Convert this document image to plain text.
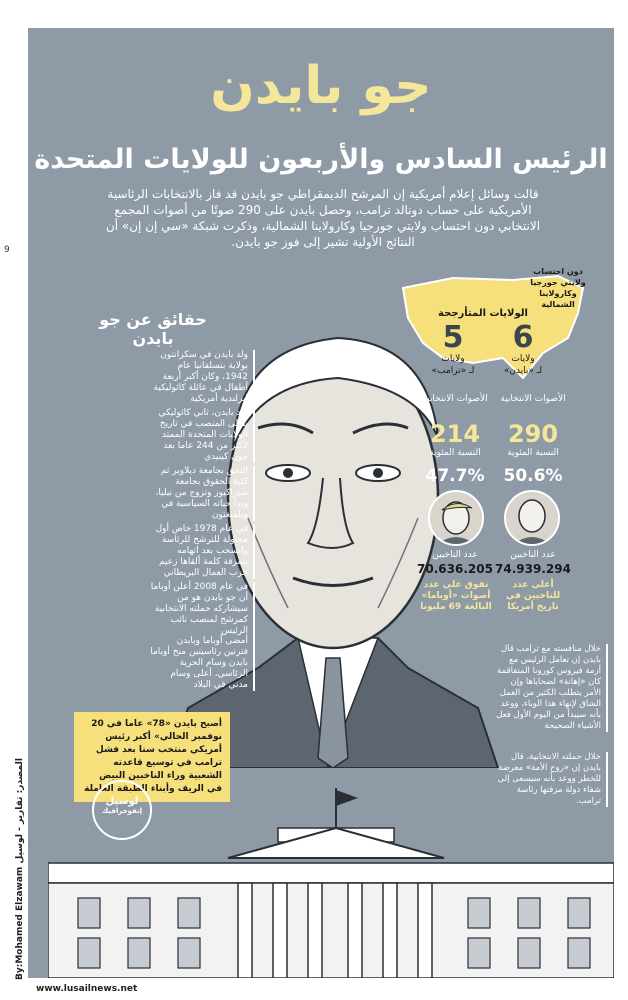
جو بايدن
الرئيس السادس والأربعون للولايات المتحدة
قالت وسائل إعلام أمريكية إن المرشح الديمقراطي جو بايدن قد فاز بالانتخابات الرئاسية الأمريكية على حساب دونالد ترامب، وحصل بايدن على 290 صوتًا من أصوات المجمع الانتخابي دون احتساب ولايتي جورجيا وكارولاينا الشمالية، وذكرت شبكة «سي إن إن» أن النتائج الأولية تشير إلى فوز جو بايدن.
حقائق عن جو بايدن
ولد بايدن في سكرانتون بولاية بنسلفانيا عام 1942، وكان أكبر أربعة أطفال في عائلة كاثوليكية إيرلندية أمريكية
بعد بايدن، ثاني كاثوليكي يتولى المنصب في تاريخ الولايات المتحدة الممتد لأكثر من 244 عاما بعد جون كينيدي
التحق بجامعة ديلاوير ثم كلية الحقوق بجامعة سيراكيوز وتزوج من نيليا، وبدأ حياته السياسية في ويلمنغتون
في عام 1978 خاض أول محاولة للترشح للرئاسة وانسحب بعد اتهامه بسرقة كلمة ألقاها زعيم حزب العمال البريطاني
في عام 2008 أعلن أوباما أن جو بايدن هو من سيشاركه حملته الانتخابية كمرشح لمنصب نائب الرئيس
أمضى أوباما وبايدن فترتين رئاسيتين منح أوباما بايدن وسام الحرية الرئاسي، أعلى وسام مدني في البلاد
أصبح بايدن «78» عاما في 20 نوفمبر الحالي» أكبر رئيس أمريكي منتخب سنا بعد فشل ترامب في توسيع قاعدته الشعبية وراء الناخبين البيض في الريف وأبناء الطبقة العاملة
دون احتساب ولايتي جورجيا وكارولاينا الشمالية
الولايات المتأرجحة
6
ولايات
لـ «بايدن»
5
ولايات
لـ «ترامب»
الأصوات الانتخابية
الأصوات الانتخابية
290
214
النسبة المئوية
النسبة المئوية
50.6%
47.7%
عدد الناخبين
عدد الناخبين
74.939.294
70.636.205
أعلى عدد للناخبين في تاريخ أمريكا
تفوق على عدد أصوات «أوباما» البالغة 69 مليونا
خلال منافسته مع ترامب قال بايدن إن تعامل الرئيس مع أزمة فيروس كورونا المتفاقمة كان «إهانة» لضحاياها وإن الأمر يتطلب الكثير من العمل الشاق لإنهاء هذا الوباء، ووعد بأنه سيبدأ من اليوم الأول فعل الأشياء الصحيحة
خلال حملته الانتخابية، قال بايدن إن «روح الأمة» معرضة للخطر ووعد بأنه سيسعى إلى شفاء دولة مزقتها رئاسة ترامب.
لوسيل
إنفوجرافيك
9
By:Mohamed Elzawam المصدر: تقارير - لوسيل
www.lusailnews.net
